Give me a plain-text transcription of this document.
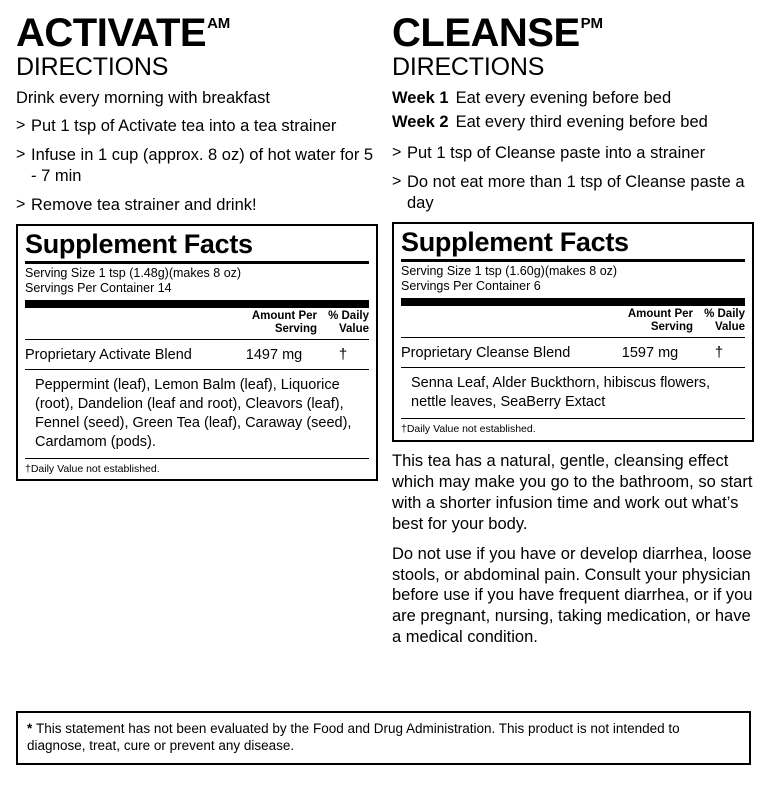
ACTIVATE AM
DIRECTIONS
Drink every morning with breakfast
> Put 1 tsp of Activate tea into a tea strainer
> Infuse in 1 cup (approx. 8 oz) of hot water for 5 - 7 min
> Remove tea strainer and drink!
Supplement Facts
Serving Size 1 tsp (1.48g)(makes 8 oz)
Servings Per Container 14
Amount Per Serving
% Daily Value
Proprietary Activate Blend	1497 mg	†
Peppermint (leaf), Lemon Balm (leaf), Liquorice (root), Dandelion (leaf and root), Cleavors (leaf), Fennel (seed), Green Tea (leaf), Caraway (seed), Cardamom (pods).
†Daily Value not established.
CLEANSE PM
DIRECTIONS
Week 1 Eat every evening before bed
Week 2 Eat every third evening before bed
> Put 1 tsp of Cleanse paste into a strainer
> Do not eat more than 1 tsp of Cleanse paste a day
Supplement Facts
Serving Size 1 tsp (1.60g)(makes 8 oz)
Servings Per Container 6
Amount Per Serving
% Daily Value
Proprietary Cleanse Blend	1597 mg	†
Senna Leaf, Alder Buckthorn, hibiscus flowers, nettle leaves, SeaBerry Extact
†Daily Value not established.
This tea has a natural, gentle, cleansing effect which may make you go to the bathroom, so start with a shorter infusion time and work out what’s best for your body.
Do not use if you have or develop diarrhea, loose stools, or abdominal pain. Consult your physician before use if you have frequent diarrhea, or if you are pregnant, nursing, taking medication, or have a medical condition.
* This statement has not been evaluated by the Food and Drug Administration. This product is not intended to diagnose, treat, cure or prevent any disease.
